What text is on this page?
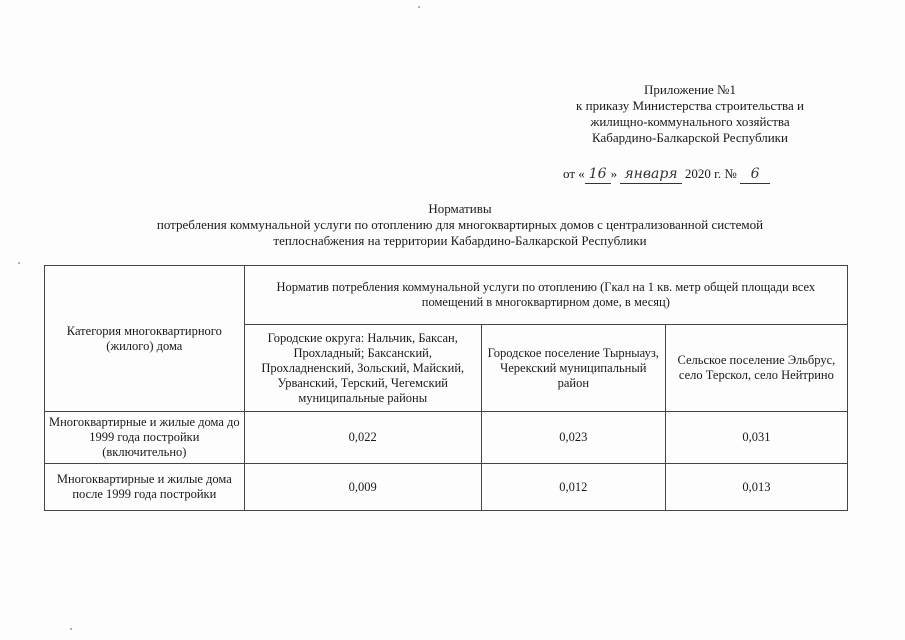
Приложение №1
к приказу Министерства строительства и
жилищно-коммунального хозяйства
Кабардино-Балкарской Республики
от « 16 » января 2020 г. № 6
Нормативы
потребления коммунальной услуги по отоплению для многоквартирных домов с централизованной системой
теплоснабжения на территории Кабардино-Балкарской Республики
Категория многоквартирного (жилого) дома	Норматив потребления коммунальной услуги по отоплению (Гкал на 1 кв. метр общей площади всех помещений в многоквартирном доме, в месяц)		
	Городские округа: Нальчик, Баксан, Прохладный; Баксанский, Прохладненский, Зольский, Майский, Урванский, Терский, Чегемский муниципальные районы	Городское поселение Тырныауз, Черекский муниципальный район	Сельское поселение Эльбрус, село Терскол, село Нейтрино
Многоквартирные и жилые дома до 1999 года постройки (включительно)	0,022	0,023	0,031
Многоквартирные и жилые дома после 1999 года постройки	0,009	0,012	0,013
